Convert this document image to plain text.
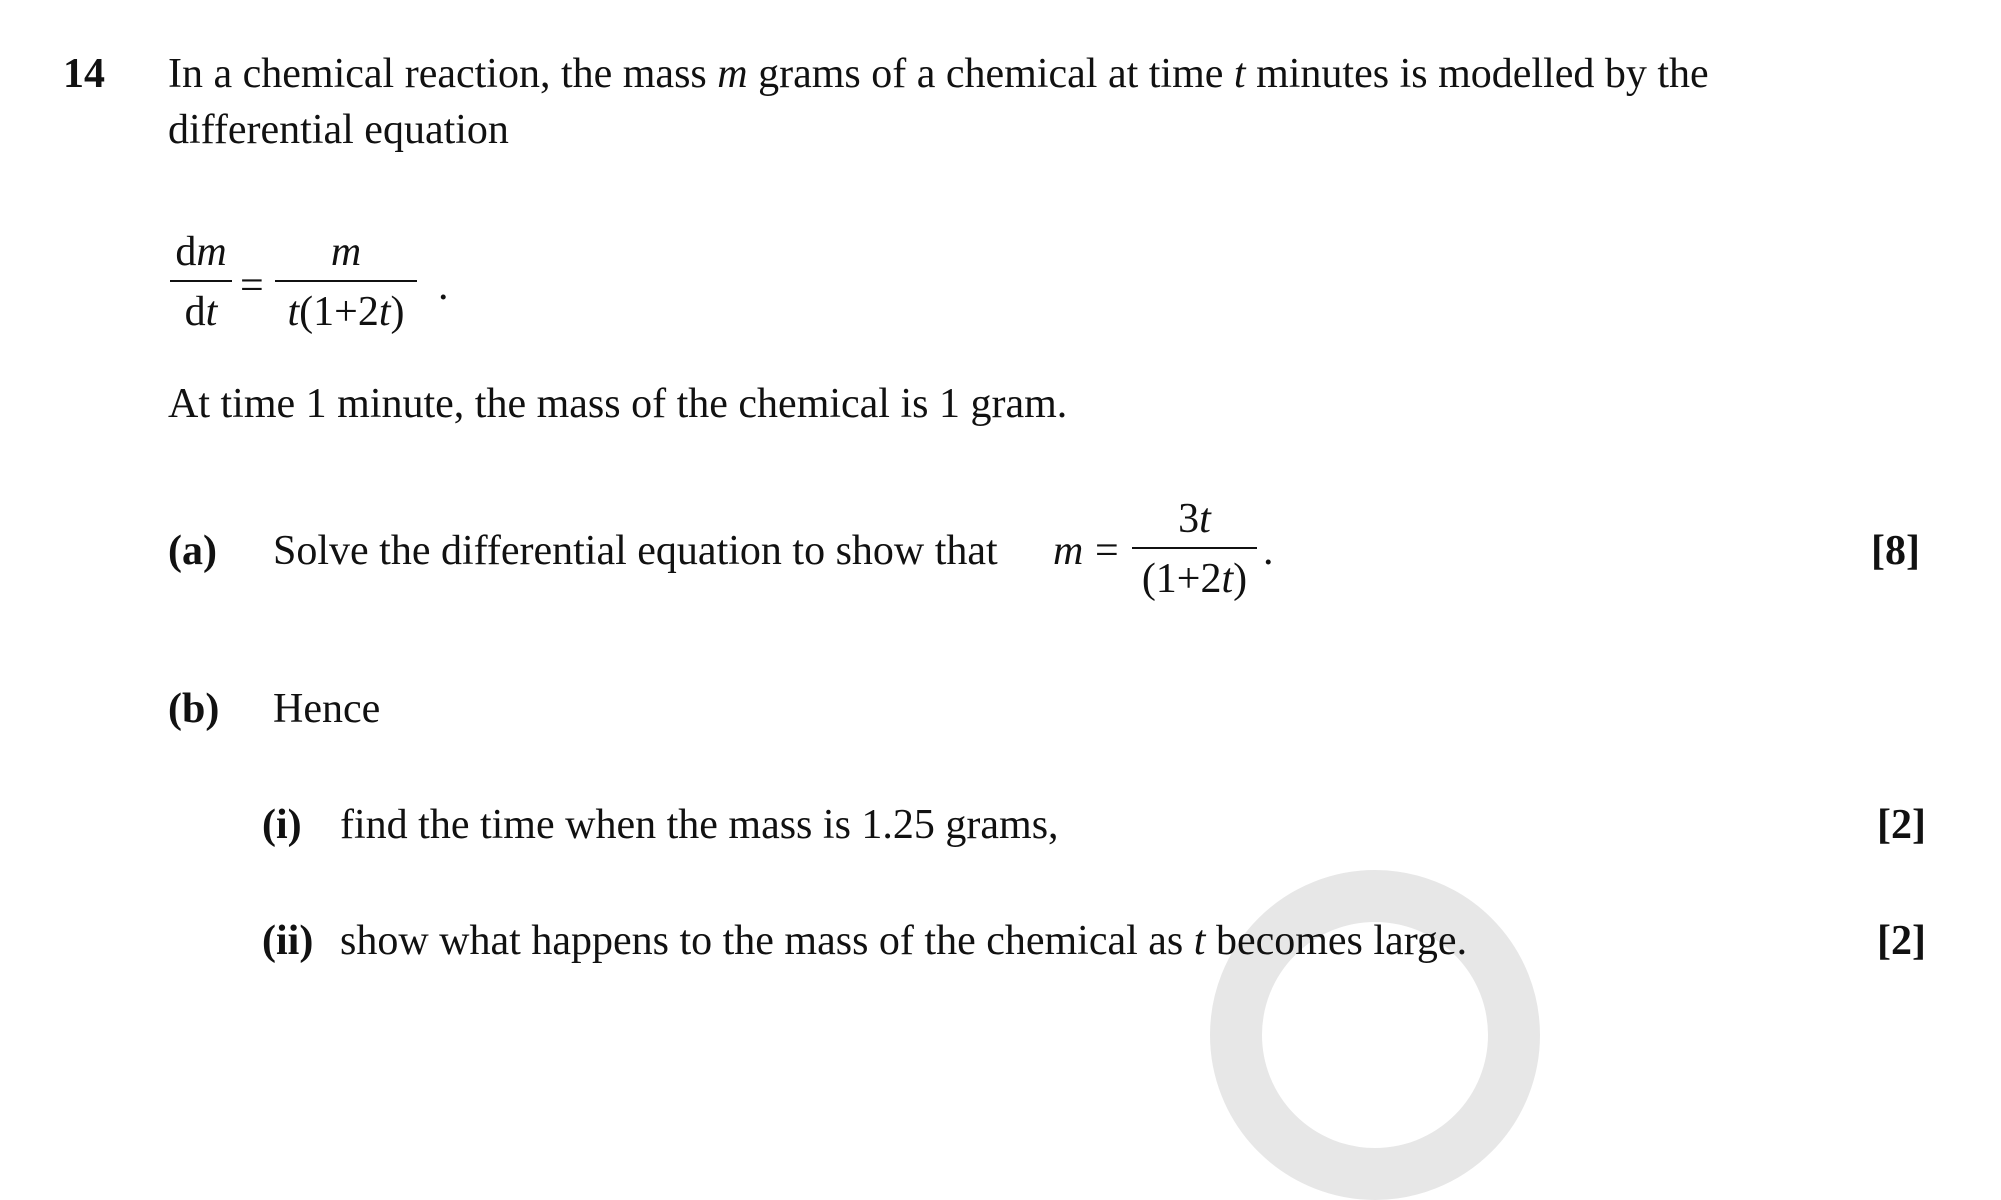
14 In a chemical reaction, the mass m grams of a chemical at time t minutes is modelled by the
differential equation
dm
dt
=
m
t(1+2t)
.
At time 1 minute, the mass of the chemical is 1 gram.
(a) Solve the differential equation to show that m =
3t
(1+2t)
.	[8]
(b) Hence
(i) find the time when the mass is 1.25 grams,	[2]
(ii) show what happens to the mass of the chemical as t becomes large.	[2]
